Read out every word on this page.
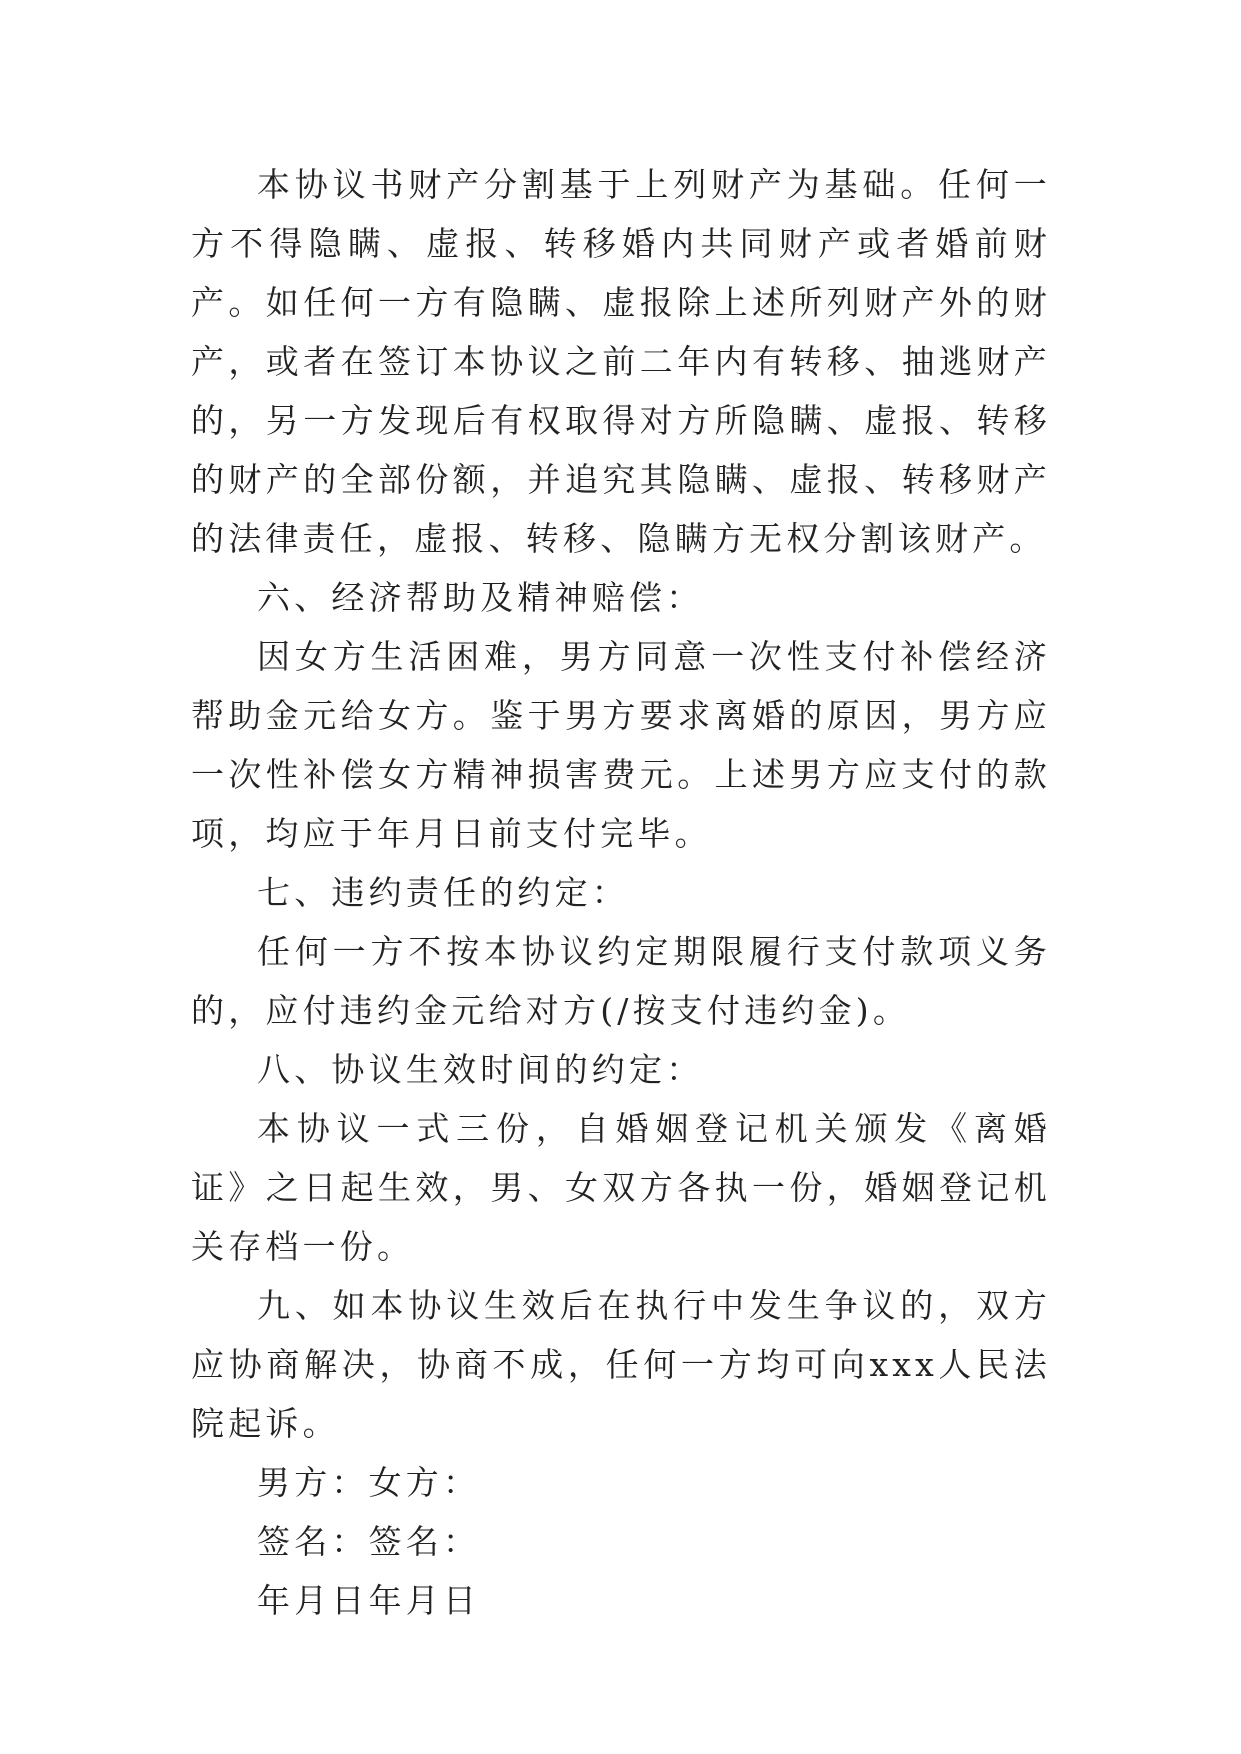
本协议书财产分割基于上列财产为基础。任何一方不得隐瞒、虚报、转移婚内共同财产或者婚前财产。如任何一方有隐瞒、虚报除上述所列财产外的财产，或者在签订本协议之前二年内有转移、抽逃财产的，另一方发现后有权取得对方所隐瞒、虚报、转移的财产的全部份额，并追究其隐瞒、虚报、转移财产的法律责任，虚报、转移、隐瞒方无权分割该财产。

六、经济帮助及精神赔偿：

因女方生活困难，男方同意一次性支付补偿经济帮助金元给女方。鉴于男方要求离婚的原因，男方应一次性补偿女方精神损害费元。上述男方应支付的款项，均应于年月日前支付完毕。

七、违约责任的约定：

任何一方不按本协议约定期限履行支付款项义务的，应付违约金元给对方(/按支付违约金)。

八、协议生效时间的约定：

本协议一式三份，自婚姻登记机关颁发《离婚证》之日起生效，男、女双方各执一份，婚姻登记机关存档一份。

九、如本协议生效后在执行中发生争议的，双方应协商解决，协商不成，任何一方均可向xxx人民法院起诉。

男方：女方：

签名：签名：

年月日年月日
